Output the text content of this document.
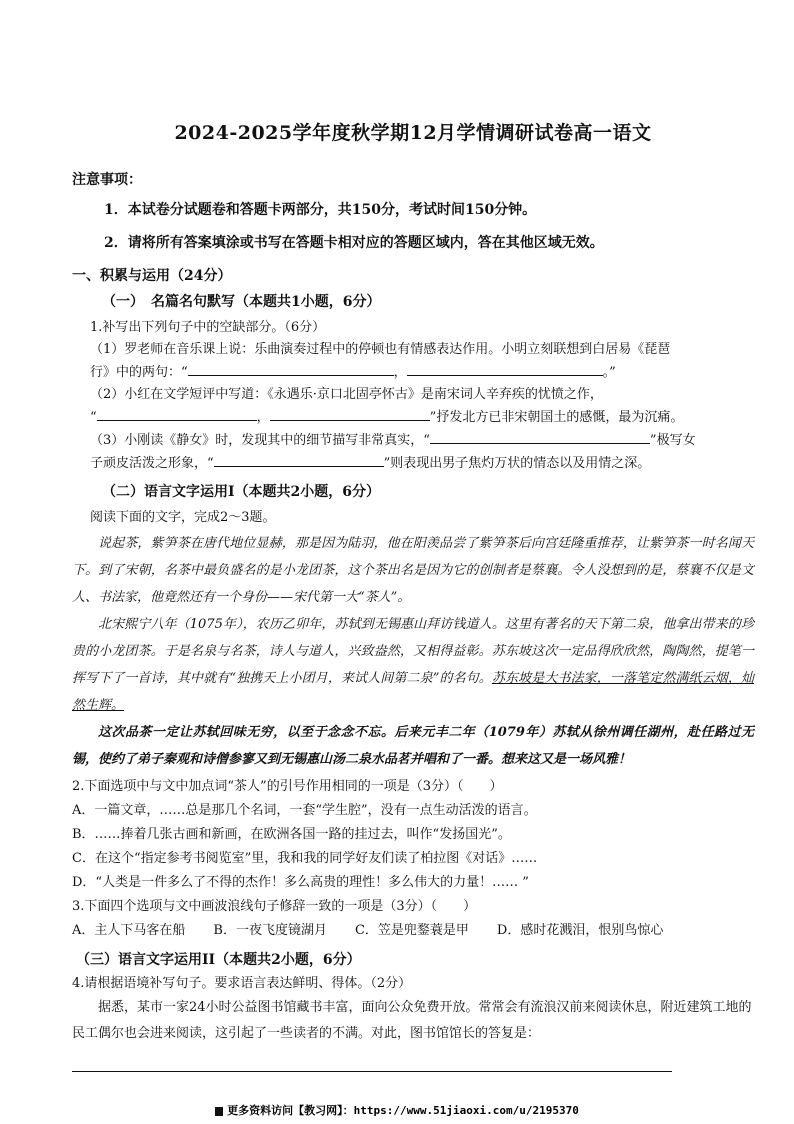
2024-2025学年度秋学期12月学情调研试卷高一语文
注意事项：
1．本试卷分试题卷和答题卡两部分，共150分，考试时间150分钟。
2．请将所有答案填涂或书写在答题卡相对应的答题区域内，答在其他区域无效。
一、积累与运用（24分）
（一）　名篇名句默写（本题共1小题，6分）
1.补写出下列句子中的空缺部分。（6分）
（1）罗老师在音乐课上说：乐曲演奏过程中的停顿也有情感表达作用。小明立刻联想到白居易《琵琶
行》中的两句：“	，	。”
（2）小红在文学短评中写道：《永遇乐·京口北固亭怀古》是南宋词人辛弃疾的忧愤之作，
“	，	”抒发北方已非宋朝国土的感慨，最为沉痛。
（3）小刚读《静女》时，发现其中的细节描写非常真实，“	”极写女
子顽皮活泼之形象，“	”则表现出男子焦灼万状的情态以及用情之深。
（二）语言文字运用Ⅰ（本题共2小题，6分）
阅读下面的文字，完成2～3题。

说起茶，紫笋茶在唐代地位显赫，那是因为陆羽，他在阳羡品尝了紫笋茶后向宫廷隆重推荐，让紫笋茶一时名闻天下。到了宋朝，名茶中最负盛名的是小龙团茶，这个茶出名是因为它的创制者是蔡襄。令人没想到的是，蔡襄不仅是文人、书法家，他竟然还有一个身份——宋代第一大“茶人”。

北宋熙宁八年（1075年），农历乙卯年，苏轼到无锡惠山拜访钱道人。这里有著名的天下第二泉，他拿出带来的珍贵的小龙团茶。于是名泉与名茶，诗人与道人，兴致盎然，又相得益彰。苏东坡这次一定品得欣欣然，陶陶然，提笔一挥写下了一首诗，其中就有“独携天上小团月，来试人间第二泉”的名句。苏东坡是大书法家，一落笔定然满纸云烟，灿然生辉。

这次品茶一定让苏轼回味无穷，以至于念念不忘。后来元丰二年（1079年）苏轼从徐州调任湖州，赴任路过无锡，使约了弟子秦观和诗僧参寥又到无锡惠山汤二泉水品茗并唱和了一番。想来这又是一场风雅！

2.下面选项中与文中加点词“茶人”的引号作用相同的一项是（3分）（　　）
A．一篇文章，……总是那几个名词，一套“学生腔”，没有一点生动活泼的语言。
B．……捧着几张古画和新画，在欧洲各国一路的挂过去，叫作“发扬国光”。
C．在这个“指定参考书阅览室”里，我和我的同学好友们读了柏拉图《对话》……
D．“人类是一件多么了不得的杰作！多么高贵的理性！多么伟大的力量！…… ”
3.下面四个选项与文中画波浪线句子修辞一致的一项是（3分）（　　）
A．主人下马客在船 B．一夜飞度镜湖月 C．笠是兜鍪蓑是甲 D．感时花溅泪，恨别鸟惊心
（三）语言文字运用II（本题共2小题，6分）
4.请根据语境补写句子。要求语言表达鲜明、得体。（2分）

据悉，某市一家24小时公益图书馆藏书丰富，面向公众免费开放。常常会有流浪汉前来阅读休息，附近建筑工地的民工偶尔也会进来阅读，这引起了一些读者的不满。对此，图书馆馆长的答复是：

更多资料访问【教习网】：https://www.51jiaoxi.com/u/2195370
